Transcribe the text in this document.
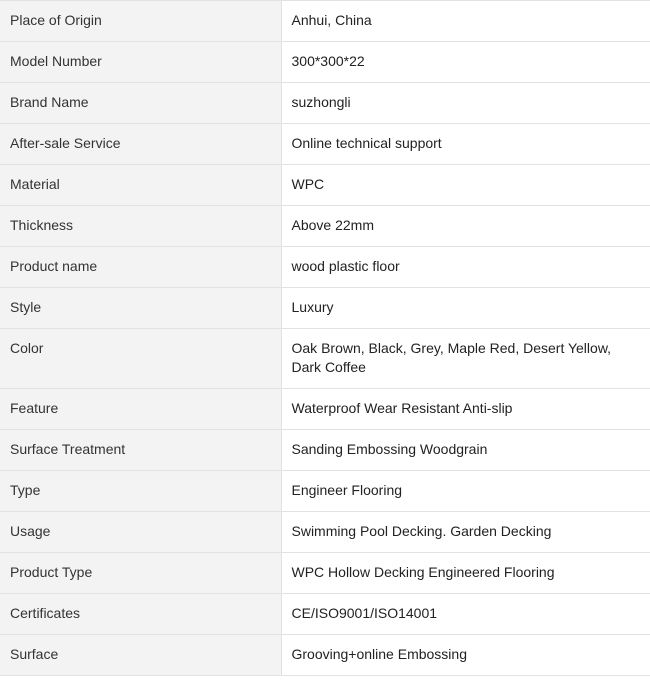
Place of Origin	Anhui, China
Model Number	300*300*22
Brand Name	suzhongli
After-sale Service	Online technical support
Material	WPC
Thickness	Above 22mm
Product name	wood plastic floor
Style	Luxury
Color	Oak Brown, Black, Grey, Maple Red, Desert Yellow, Dark Coffee
Feature	Waterproof Wear Resistant Anti-slip
Surface Treatment	Sanding Embossing Woodgrain
Type	Engineer Flooring
Usage	Swimming Pool Decking. Garden Decking
Product Type	WPC Hollow Decking Engineered Flooring
Certificates	CE/ISO9001/ISO14001
Surface	Grooving+online Embossing
